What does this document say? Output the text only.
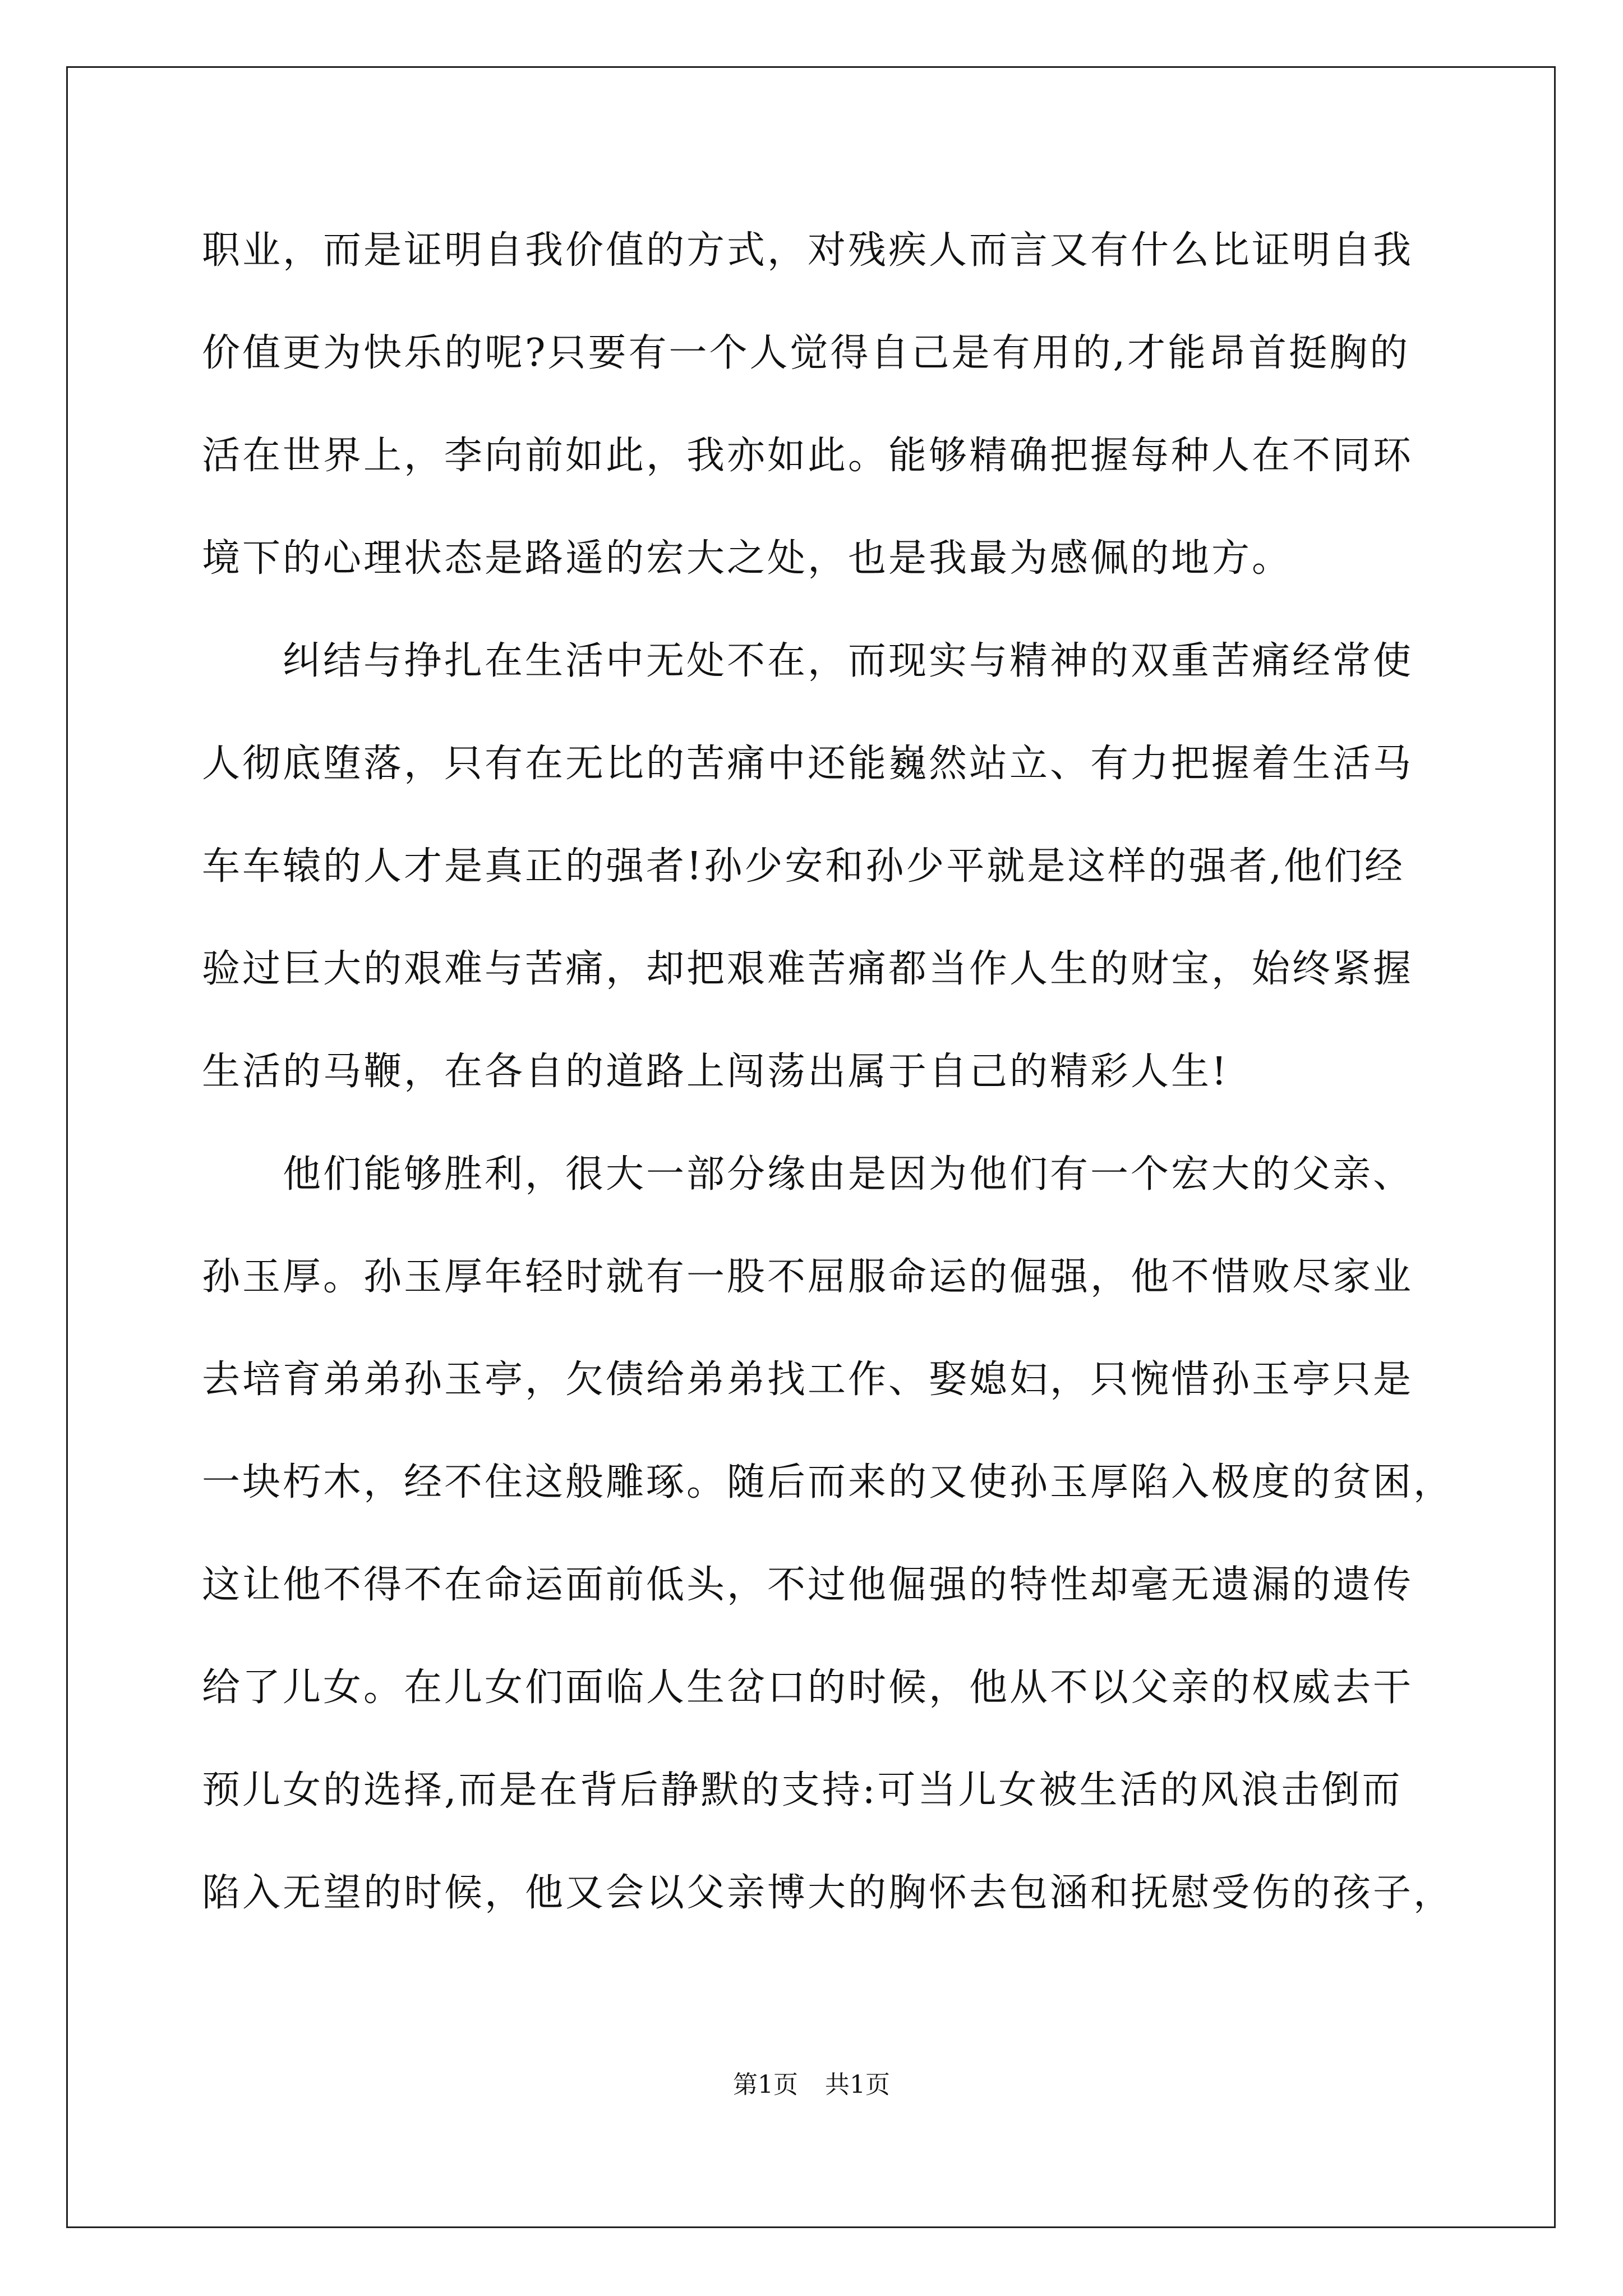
职业，而是证明自我价值的方式，对残疾人而言又有什么比证明自我
价值更为快乐的呢?只要有一个人觉得自己是有用的,才能昂首挺胸的
活在世界上，李向前如此，我亦如此。能够精确把握每种人在不同环
境下的心理状态是路遥的宏大之处，也是我最为感佩的地方。
纠结与挣扎在生活中无处不在，而现实与精神的双重苦痛经常使
人彻底堕落，只有在无比的苦痛中还能巍然站立、有力把握着生活马
车车辕的人才是真正的强者!孙少安和孙少平就是这样的强者,他们经
验过巨大的艰难与苦痛，却把艰难苦痛都当作人生的财宝，始终紧握
生活的马鞭，在各自的道路上闯荡出属于自己的精彩人生!
他们能够胜利，很大一部分缘由是因为他们有一个宏大的父亲、
孙玉厚。孙玉厚年轻时就有一股不屈服命运的倔强，他不惜败尽家业
去培育弟弟孙玉亭，欠债给弟弟找工作、娶媳妇，只惋惜孙玉亭只是
一块朽木，经不住这般雕琢。随后而来的又使孙玉厚陷入极度的贫困，
这让他不得不在命运面前低头，不过他倔强的特性却毫无遗漏的遗传
给了儿女。在儿女们面临人生岔口的时候，他从不以父亲的权威去干
预儿女的选择,而是在背后静默的支持:可当儿女被生活的风浪击倒而
陷入无望的时候，他又会以父亲博大的胸怀去包涵和抚慰受伤的孩子，
第1页 共1页
